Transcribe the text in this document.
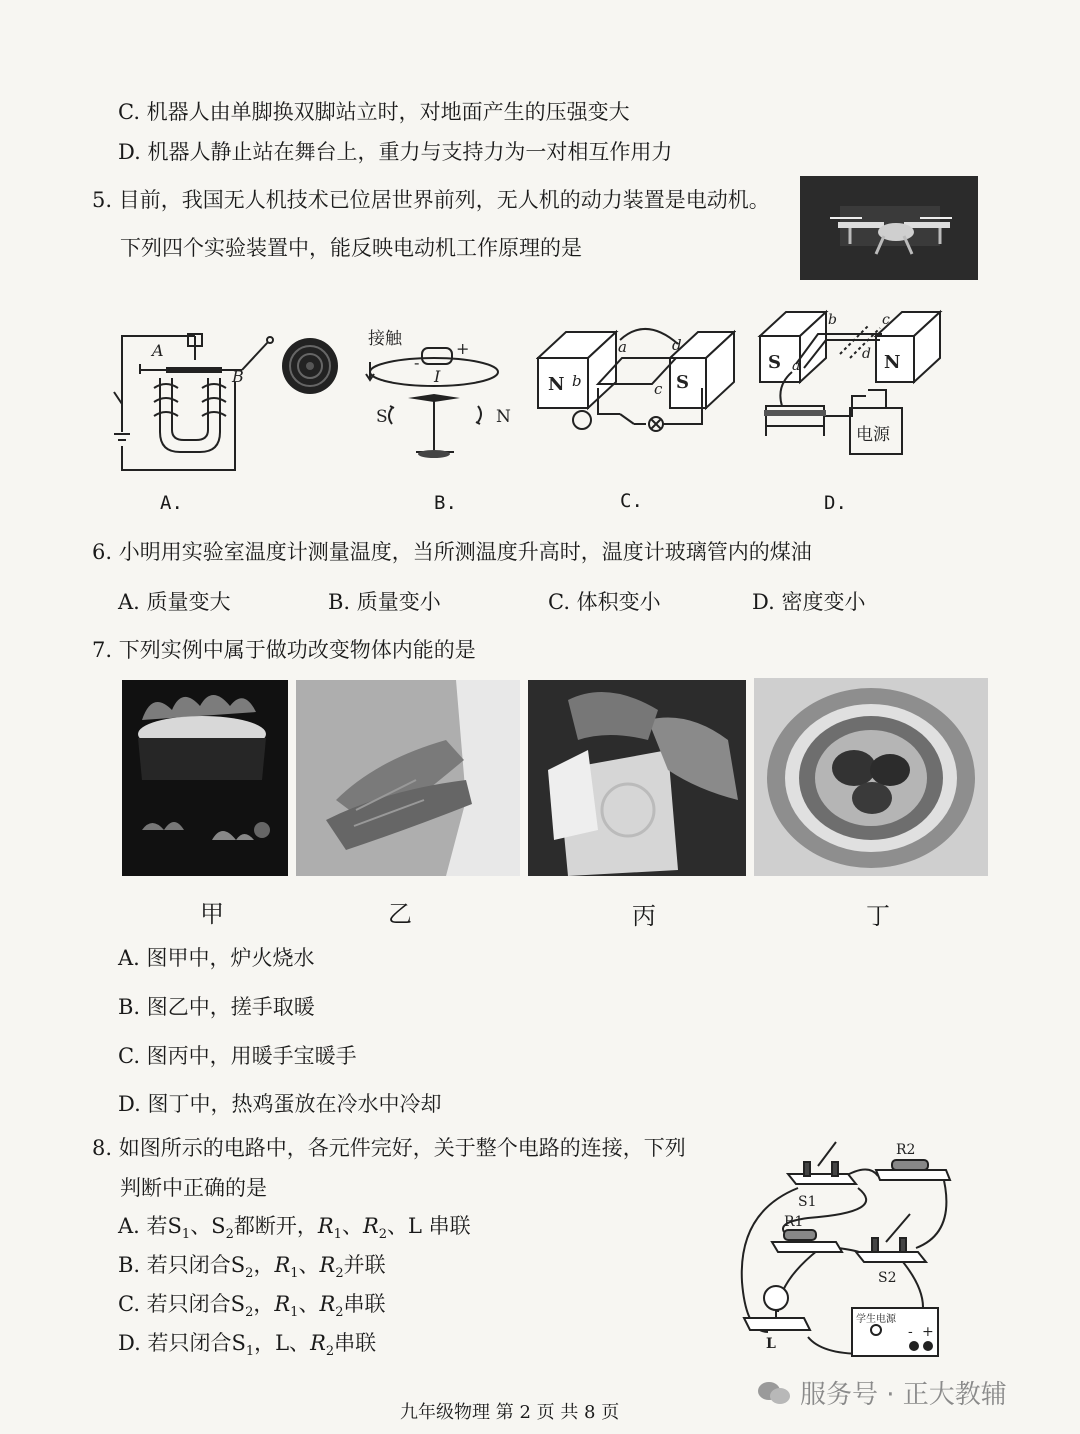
C. 机器人由单脚换双脚站立时，对地面产生的压强变大
D. 机器人静止站在舞台上，重力与支持力为一对相互作用力
5. 目前，我国无人机技术已位居世界前列，无人机的动力装置是电动机。
下列四个实验装置中，能反映电动机工作原理的是
A
B
接触
-
+
I
S	N
N	S
a
b	c
d
S	N
a
b	c
d
电源
A.	B.	C.	D.
6. 小明用实验室温度计测量温度，当所测温度升高时，温度计玻璃管内的煤油
A. 质量变大	B. 质量变小	C. 体积变小	D. 密度变小
7. 下列实例中属于做功改变物体内能的是
甲	乙	丙	丁
A. 图甲中，炉火烧水
B. 图乙中，搓手取暖
C. 图丙中，用暖手宝暖手
D. 图丁中，热鸡蛋放在冷水中冷却
8. 如图所示的电路中，各元件完好，关于整个电路的连接，下列
判断中正确的是
A. 若$S_1$、$S_2$都断开，$R_1$、$R_2$、L 串联
B. 若只闭合$S_2$，$R_1$、$R_2$并联
C. 若只闭合$S_2$，$R_1$、$R_2$串联
D. 若只闭合$S_1$，L、$R_2$串联
R2
S1
R1
S2
L
学生电源
- +
九年级物理 第 2 页 共 8 页
服务号 · 正大教辅
